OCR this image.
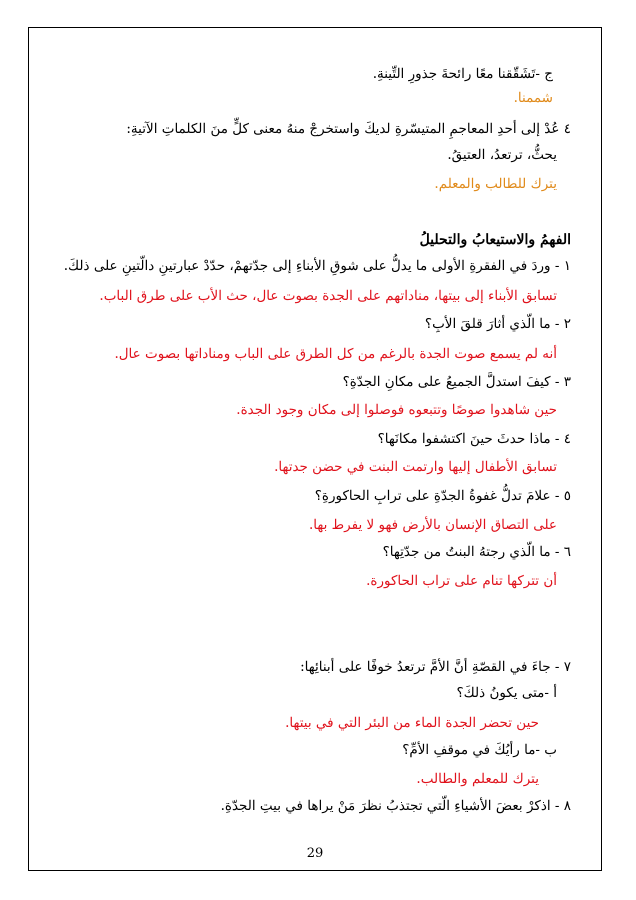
ج -تَشَقّقنا معًا رائحةَ جذورِ التِّينةِ.
شممنا.
٤ عُدْ إلى أحدِ المعاجمِ المتيسّرةِ لديكَ واستخرجْ منهُ معنى كلٍّ منَ الكلماتِ الآتيةِ:
يحثُّ، ترتعدُ، العتيقُ.
يترك للطالب والمعلم.
الفهمُ والاستيعابُ والتحليلُ
١ - وردَ في الفقرةِ الأولى ما يدلُّ على شوقِ الأبناءِ إلى جدّتهمْ، حدّدْ عبارتينِ دالّتينِ على ذلكَ.
تسابق الأبناء إلى بيتها، مناداتهم على الجدة بصوت عال، حث الأب على طرق الباب.
٢ - ما الّذي أثارَ قلقَ الأبِ؟
أنه لم يسمع صوت الجدة بالرغم من كل الطرق على الباب ومناداتها بصوت عال.
٣ - كيفَ استدلَّ الجميعُ على مكانِ الجدّةِ؟
حين شاهدوا صوصًا وتتبعوه فوصلوا إلى مكان وجود الجدة.
٤ - ماذا حدثَ حينَ اكتشفوا مكانَها؟
تسابق الأطفال إليها وارتمت البنت في حضن جدتها.
٥ - علامَ تدلُّ غفوةُ الجدّةِ على ترابِ الحاكورةِ؟
على التصاق الإنسان بالأرض فهو لا يفرط بها.
٦ - ما الّذي رجتهُ البنتُ من جدّتِها؟
أن تتركها تنام على تراب الحاكورة.
٧ - جاءَ في القصّةِ أنَّ الأمَّ ترتعدُ خوفًا على أبنائِها:
أ -متى يكونُ ذلكَ؟
حين تحضر الجدة الماء من البئر التي في بيتها.
ب -ما رأيُكَ في موقفِ الأمِّ؟
يترك للمعلم والطالب.
٨ - اذكرْ بعضَ الأشياءِ الّتي تجتذبُ نظرَ مَنْ يراها في بيتِ الجدّةِ.
29
